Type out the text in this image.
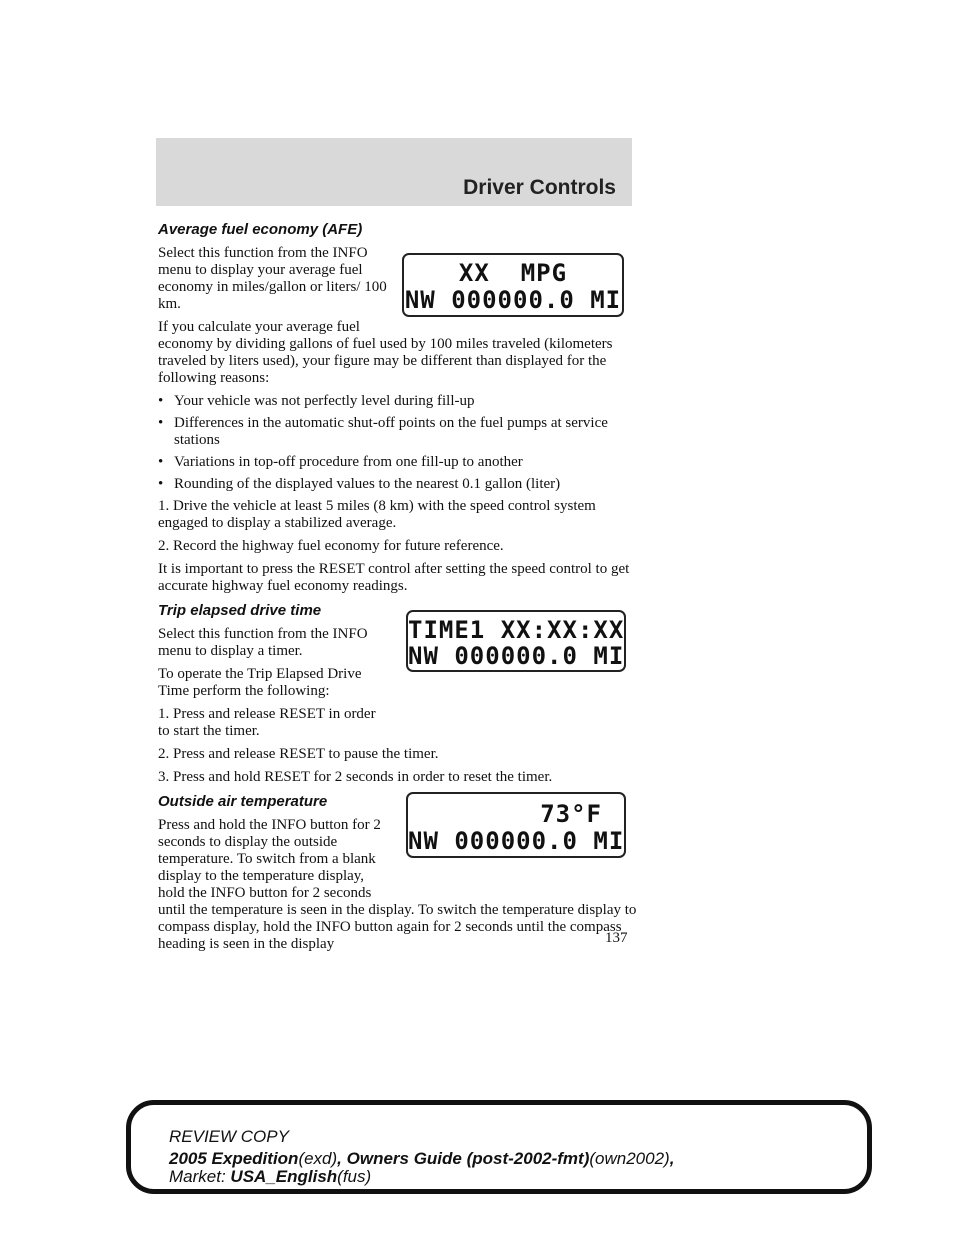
Driver Controls
Average fuel economy (AFE)

Select this function from the INFO menu to display your average fuel economy in miles/gallon or liters/ 100 km.

If you calculate your average fuel

economy by dividing gallons of fuel used by 100 miles traveled (kilometers traveled by liters used), your figure may be different than displayed for the following reasons:

• Your vehicle was not perfectly level during fill-up
• Differences in the automatic shut-off points on the fuel pumps at service stations
• Variations in top-off procedure from one fill-up to another
• Rounding of the displayed values to the nearest 0.1 gallon (liter)

1. Drive the vehicle at least 5 miles (8 km) with the speed control system engaged to display a stabilized average.

2. Record the highway fuel economy for future reference.

It is important to press the RESET control after setting the speed control to get accurate highway fuel economy readings.

Trip elapsed drive time

Select this function from the INFO menu to display a timer.

To operate the Trip Elapsed Drive Time perform the following:

1. Press and release RESET in order to start the timer.

2. Press and release RESET to pause the timer.

3. Press and hold RESET for 2 seconds in order to reset the timer.

Outside air temperature

Press and hold the INFO button for 2 seconds to display the outside temperature. To switch from a blank display to the temperature display, hold the INFO button for 2 seconds

until the temperature is seen in the display. To switch the temperature display to compass display, hold the INFO button again for 2 seconds until the compass heading is seen in the display

XX  MPG
NW 000000.0 MI
TIME1 XX:XX:XX
NW 000000.0 MI
73°F
NW 000000.0 MI
137
REVIEW COPY
2005 Expedition(exd), Owners Guide (post-2002-fmt)(own2002),
Market: USA_English(fus)
